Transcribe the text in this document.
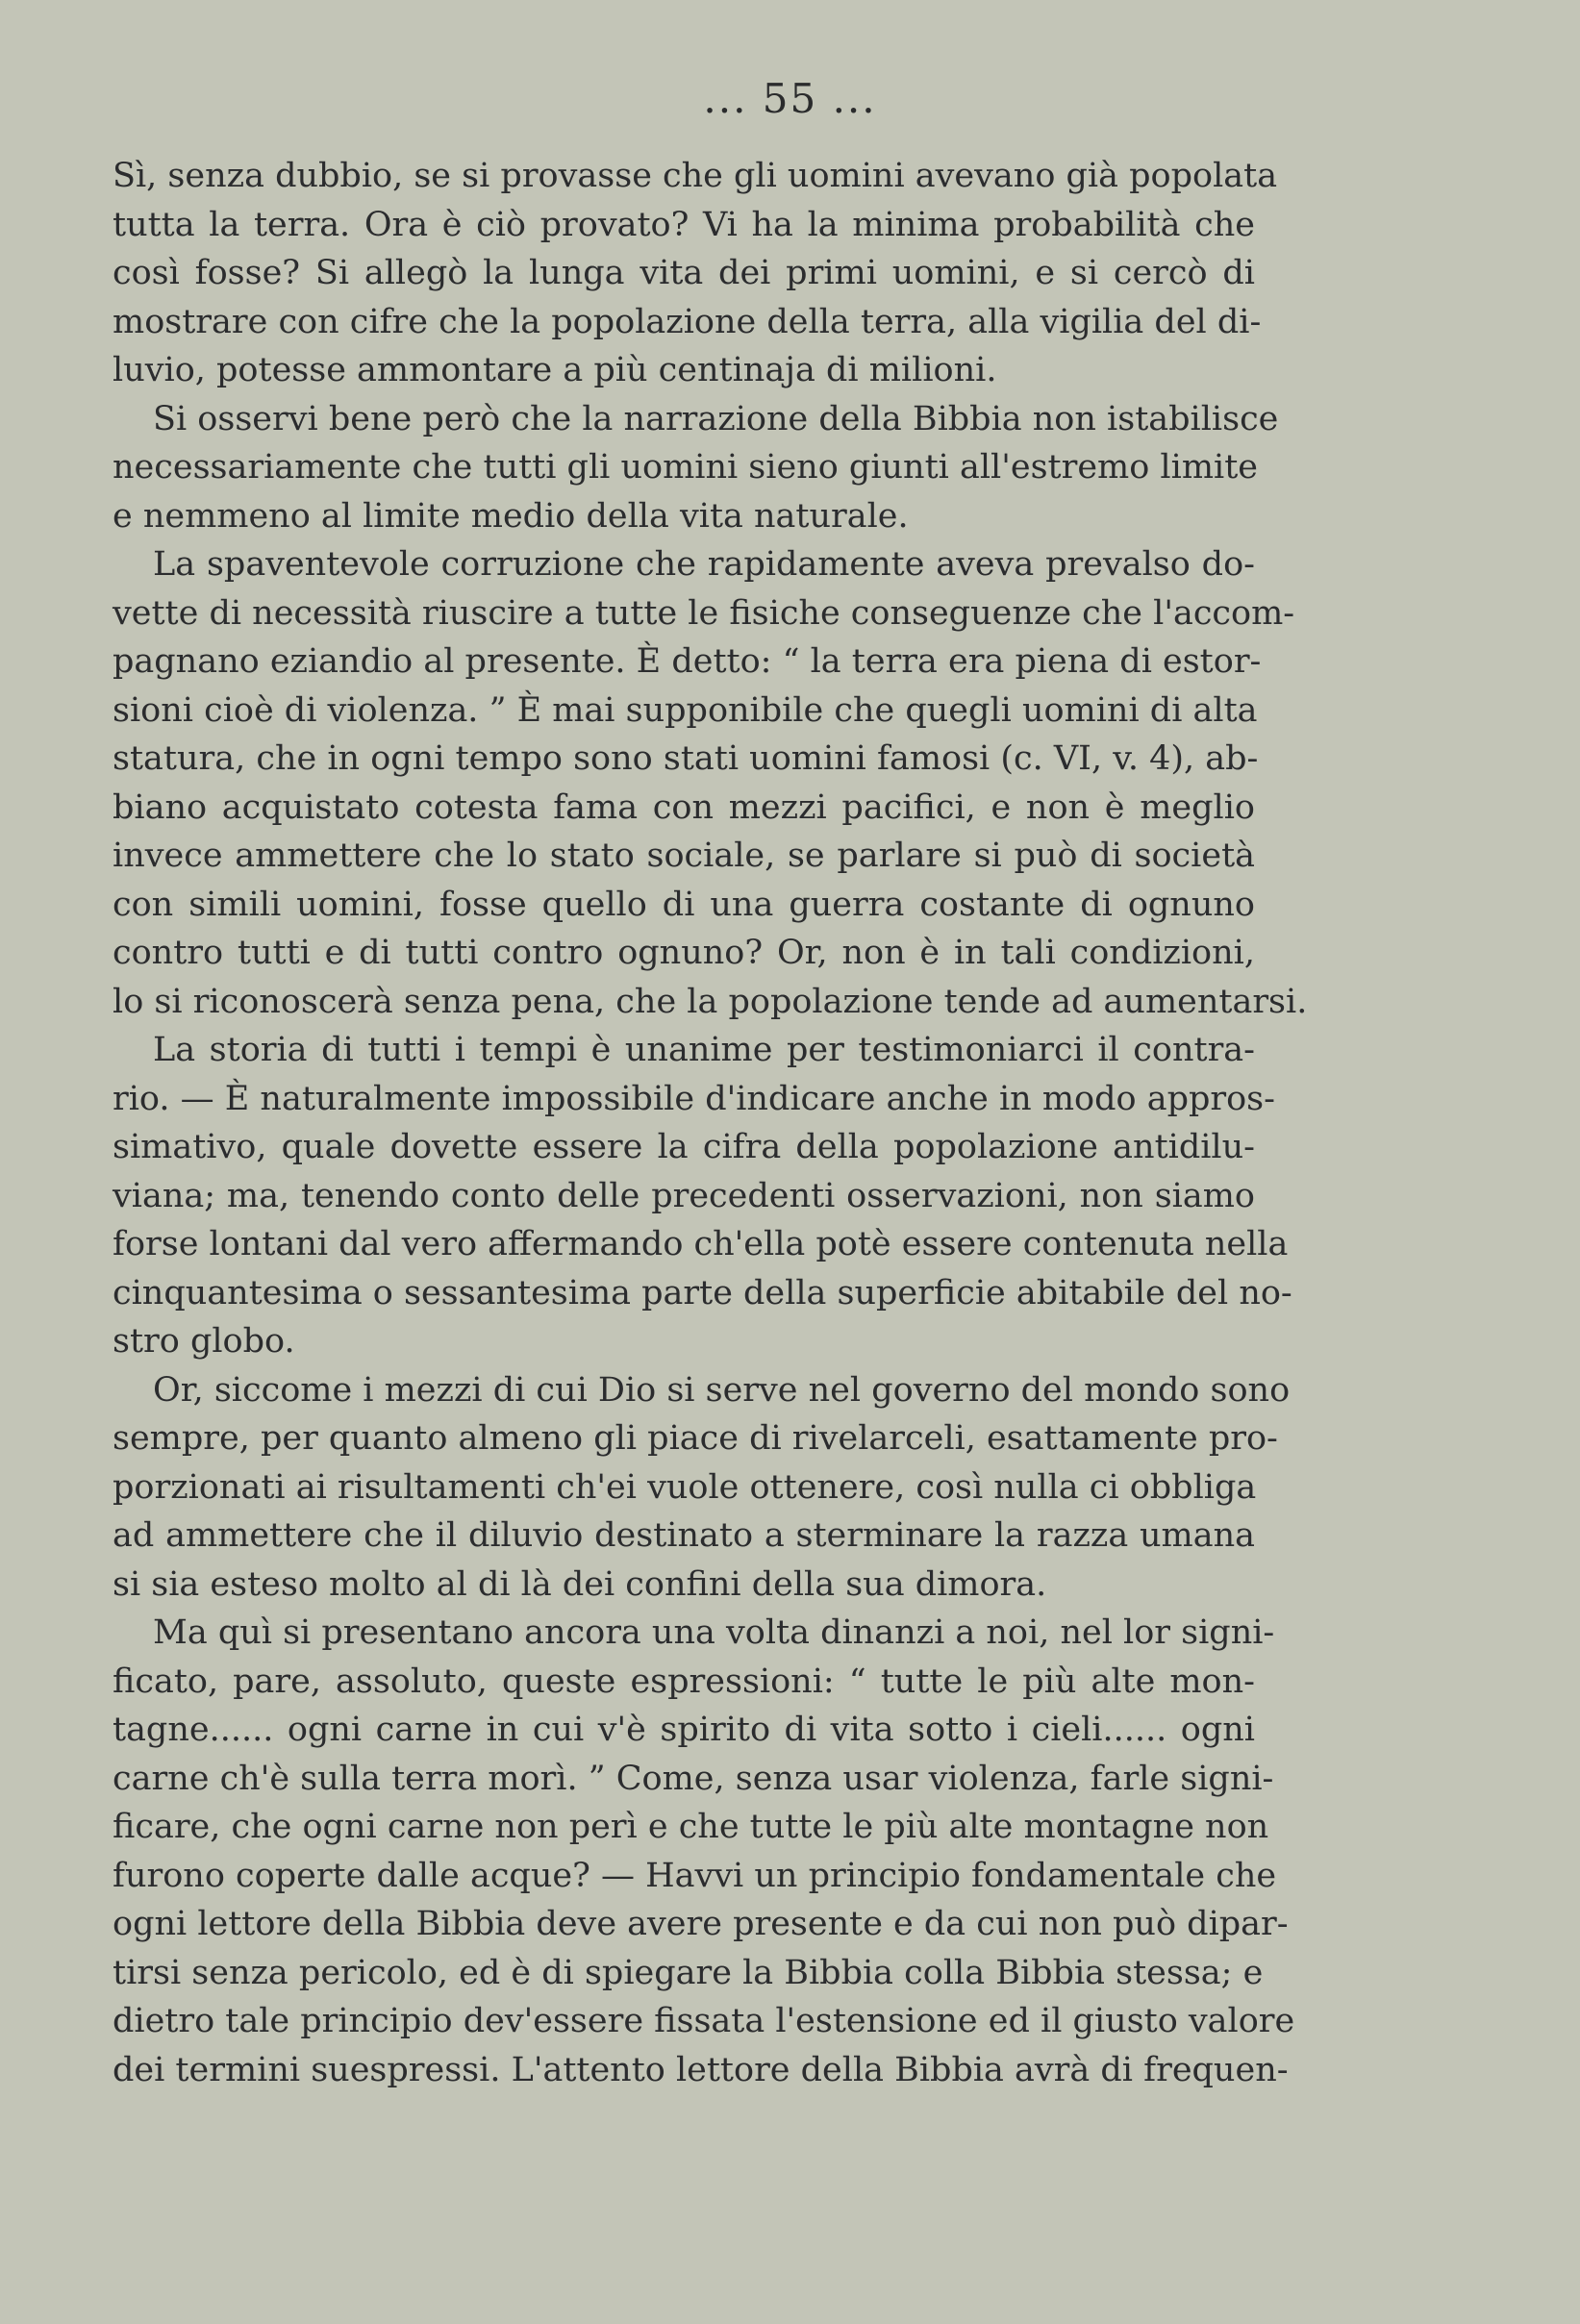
... 55 ...
Sì, senza dubbio, se si provasse che gli uomini avevano già popolata
tutta la terra. Ora è ciò provato? Vi ha la minima probabilità che
così fosse? Si allegò la lunga vita dei primi uomini, e si cercò di
mostrare con cifre che la popolazione della terra, alla vigilia del di-
luvio, potesse ammontare a più centinaja di milioni.
Si osservi bene però che la narrazione della Bibbia non istabilisce
necessariamente che tutti gli uomini sieno giunti all'estremo limite
e nemmeno al limite medio della vita naturale.
La spaventevole corruzione che rapidamente aveva prevalso do-
vette di necessità riuscire a tutte le fisiche conseguenze che l'accom-
pagnano eziandio al presente. È detto: “ la terra era piena di estor-
sioni cioè di violenza. ” È mai supponibile che quegli uomini di alta
statura, che in ogni tempo sono stati uomini famosi (c. VI, v. 4), ab-
biano acquistato cotesta fama con mezzi pacifici, e non è meglio
invece ammettere che lo stato sociale, se parlare si può di società
con simili uomini, fosse quello di una guerra costante di ognuno
contro tutti e di tutti contro ognuno? Or, non è in tali condizioni,
lo si riconoscerà senza pena, che la popolazione tende ad aumentarsi.
La storia di tutti i tempi è unanime per testimoniarci il contra-
rio. — È naturalmente impossibile d'indicare anche in modo appros-
simativo, quale dovette essere la cifra della popolazione antidilu-
viana; ma, tenendo conto delle precedenti osservazioni, non siamo
forse lontani dal vero affermando ch'ella potè essere contenuta nella
cinquantesima o sessantesima parte della superficie abitabile del no-
stro globo.
Or, siccome i mezzi di cui Dio si serve nel governo del mondo sono
sempre, per quanto almeno gli piace di rivelarceli, esattamente pro-
porzionati ai risultamenti ch'ei vuole ottenere, così nulla ci obbliga
ad ammettere che il diluvio destinato a sterminare la razza umana
si sia esteso molto al di là dei confini della sua dimora.
Ma quì si presentano ancora una volta dinanzi a noi, nel lor signi-
ficato, pare, assoluto, queste espressioni: “ tutte le più alte mon-
tagne...... ogni carne in cui v'è spirito di vita sotto i cieli...... ogni
carne ch'è sulla terra morì. ” Come, senza usar violenza, farle signi-
ficare, che ogni carne non perì e che tutte le più alte montagne non
furono coperte dalle acque? — Havvi un principio fondamentale che
ogni lettore della Bibbia deve avere presente e da cui non può dipar-
tirsi senza pericolo, ed è di spiegare la Bibbia colla Bibbia stessa; e
dietro tale principio dev'essere fissata l'estensione ed il giusto valore
dei termini suespressi. L'attento lettore della Bibbia avrà di frequen-
